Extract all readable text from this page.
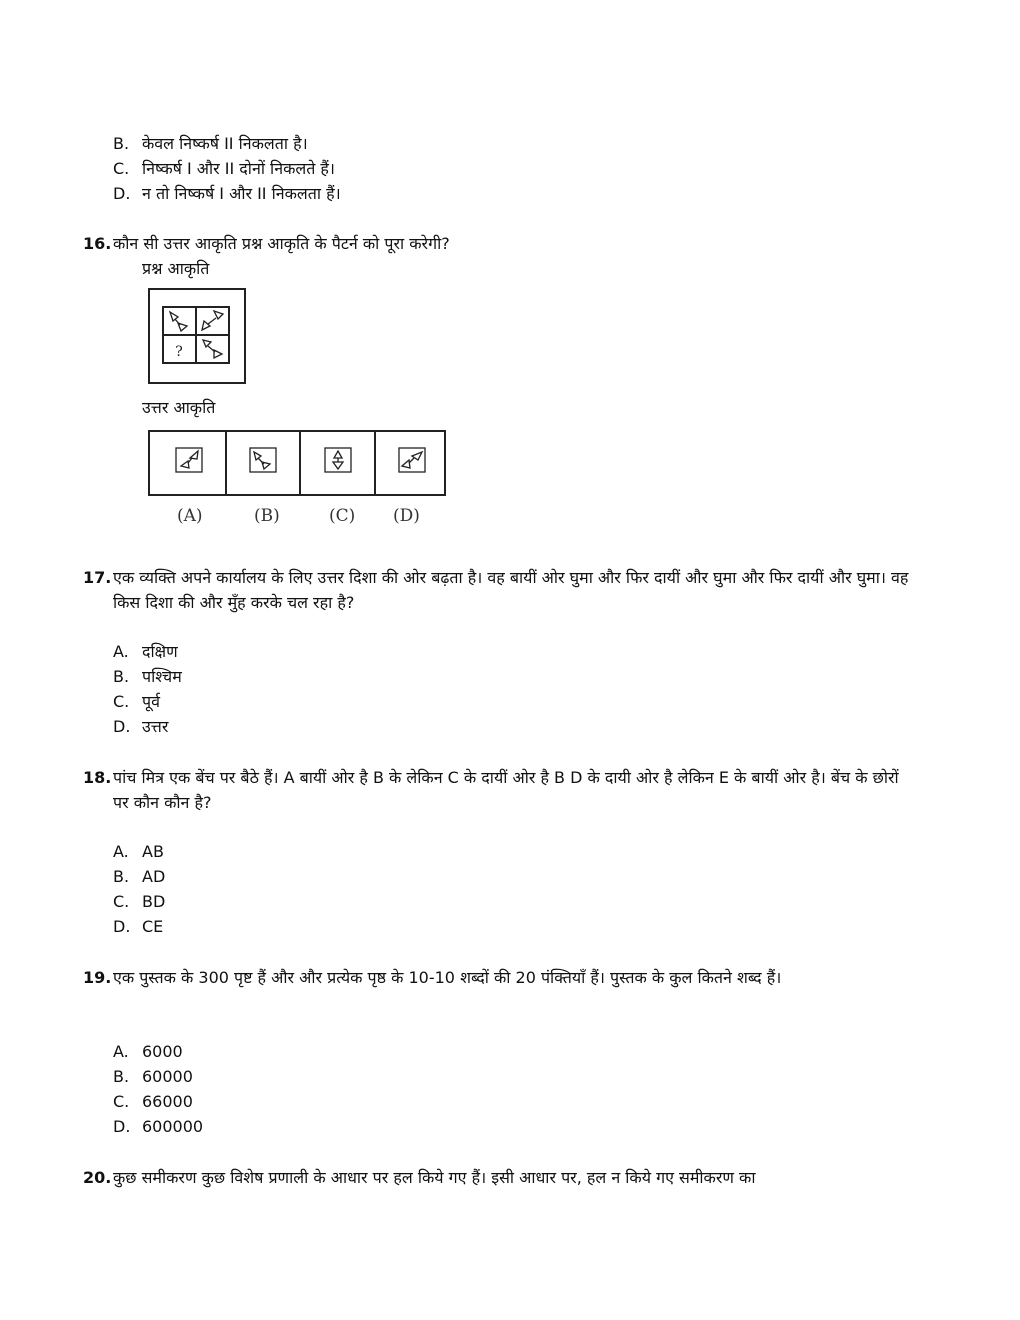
B. केवल निष्कर्ष II निकलता है।
C. निष्कर्ष I और II दोनों निकलते हैं।
D. न तो निष्कर्ष I और II निकलता हैं।
16. कौन सी उत्तर आकृति प्रश्न आकृति के पैटर्न को पूरा करेगी?
प्रश्न आकृति
?
उत्तर आकृति
(A)	(B)	(C) (D)
17. एक व्यक्ति अपने कार्यालय के लिए उत्तर दिशा की ओर बढ़ता है। वह बायीं ओर घुमा और फिर दायीं और घुमा और फिर दायीं और घुमा। वह किस दिशा की और मुँह करके चल रहा है?
A. दक्षिण
B. पश्चिम
C. पूर्व
D. उत्तर
18. पांच मित्र एक बेंच पर बैठे हैं। A बायीं ओर है B के लेकिन C के दायीं ओर है B D के दायी ओर है लेकिन E के बायीं ओर है। बेंच के छोरों पर कौन कौन है?
A. AB
B. AD
C. BD
D. CE
19. एक पुस्तक के 300 पृष्ट हैं और और प्रत्येक पृष्ठ के 10-10 शब्दों की 20 पंक्तियाँ हैं। पुस्तक के कुल कितने शब्द हैं।
A. 6000
B. 60000
C. 66000
D. 600000
20. कुछ समीकरण कुछ विशेष प्रणाली के आधार पर हल किये गए हैं। इसी आधार पर, हल न किये गए समीकरण का
